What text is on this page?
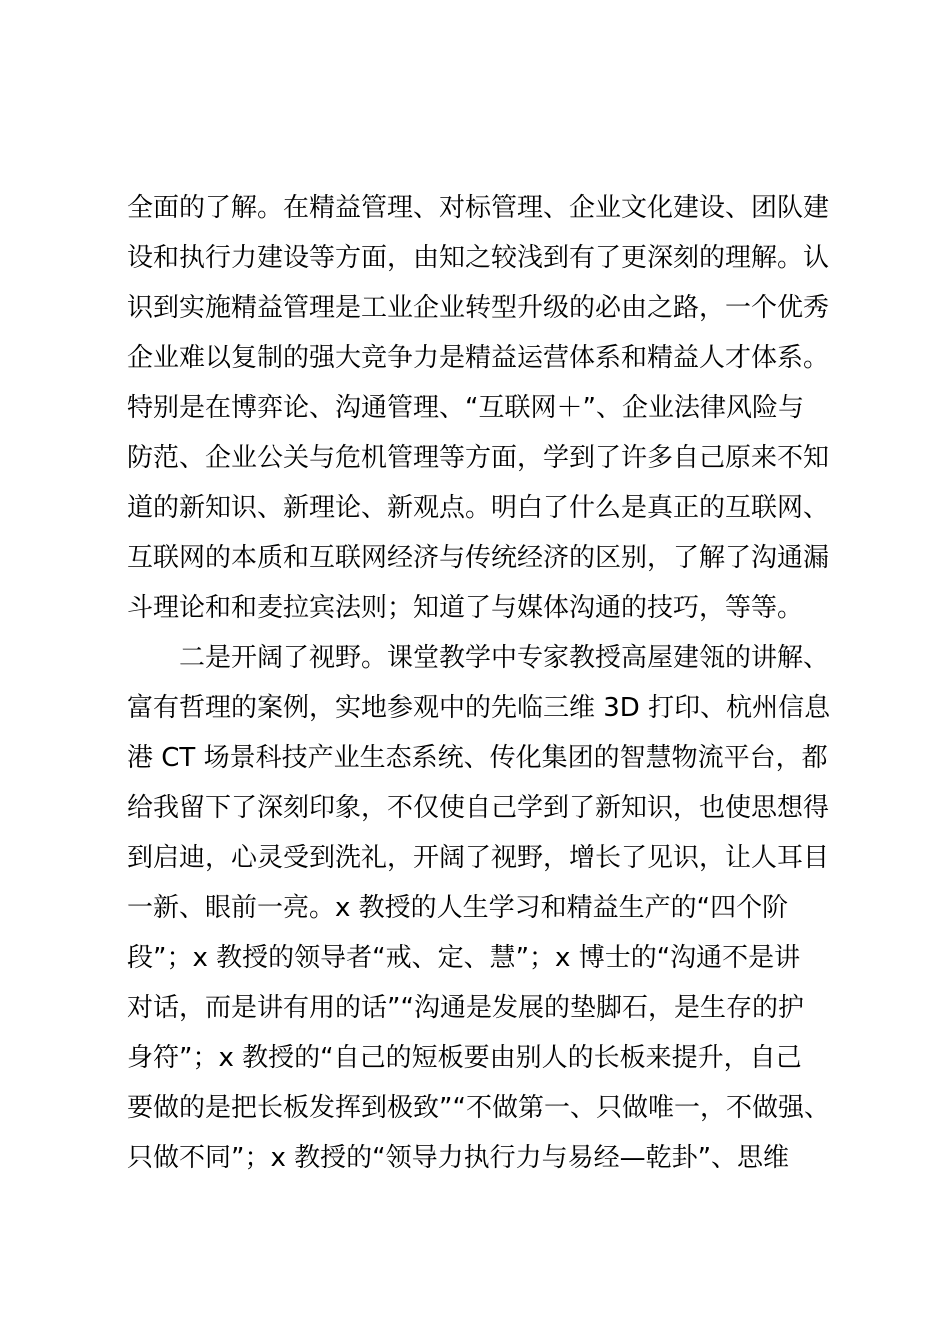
全面的了解。在精益管理、对标管理、企业文化建设、团队建
设和执行力建设等方面，由知之较浅到有了更深刻的理解。认
识到实施精益管理是工业企业转型升级的必由之路，一个优秀
企业难以复制的强大竞争力是精益运营体系和精益人才体系。
特别是在博弈论、沟通管理、“互联网＋”、企业法律风险与
防范、企业公关与危机管理等方面，学到了许多自己原来不知
道的新知识、新理论、新观点。明白了什么是真正的互联网、
互联网的本质和互联网经济与传统经济的区别，了解了沟通漏
斗理论和和麦拉宾法则；知道了与媒体沟通的技巧，等等。
二是开阔了视野。课堂教学中专家教授高屋建瓴的讲解、
富有哲理的案例，实地参观中的先临三维 3D 打印、杭州信息
港 CT 场景科技产业生态系统、传化集团的智慧物流平台，都
给我留下了深刻印象，不仅使自己学到了新知识，也使思想得
到启迪，心灵受到洗礼，开阔了视野，增长了见识，让人耳目
一新、眼前一亮。x 教授的人生学习和精益生产的“四个阶
段”；x 教授的领导者“戒、定、慧”；x 博士的“沟通不是讲
对话，而是讲有用的话”“沟通是发展的垫脚石，是生存的护
身符”；x 教授的“自己的短板要由别人的长板来提升，自己
要做的是把长板发挥到极致”“不做第一、只做唯一，不做强、
只做不同”；x 教授的“领导力执行力与易经—乾卦”、思维
